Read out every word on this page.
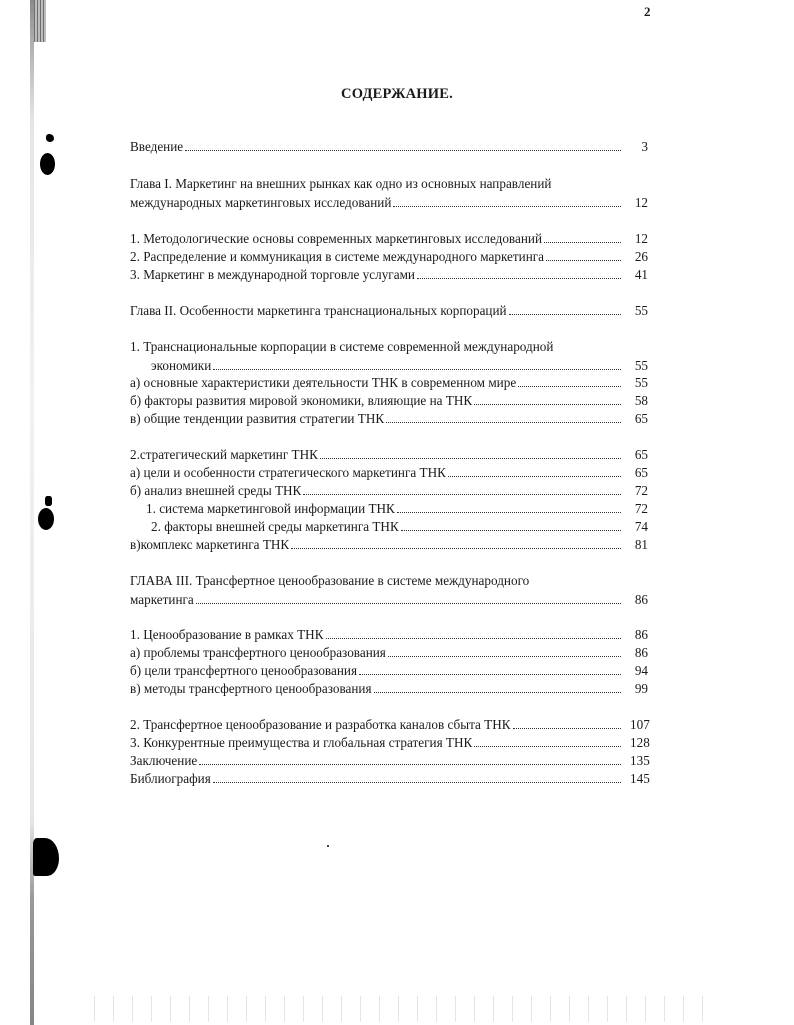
2
СОДЕРЖАНИЕ.
Введение	3
Глава I. Маркетинг на внешних рынках как одно из основных направлений
международных маркетинговых исследований	12
1. Методологические основы современных маркетинговых исследований	12
2. Распределение и коммуникация в системе международного маркетинга	26
3. Маркетинг в международной торговле услугами	41
Глава II. Особенности маркетинга транснациональных корпораций	55
1. Транснациональные корпорации в системе современной международной
экономики	55
а) основные характеристики деятельности ТНК в современном мире	55
б) факторы развития мировой экономики, влияющие на ТНК	58
в) общие тенденции развития стратегии ТНК	65
2.стратегический маркетинг ТНК	65
а) цели и особенности стратегического маркетинга ТНК	65
б) анализ внешней среды ТНК	72
1. система маркетинговой информации ТНК	72
2. факторы внешней среды маркетинга ТНК	74
в)комплекс маркетинга ТНК	81
ГЛАВА III. Трансфертное ценообразование в системе международного
маркетинга	86
1. Ценообразование в рамках ТНК	86
а) проблемы трансфертного ценообразования	86
б) цели трансфертного ценообразования	94
в) методы трансфертного ценообразования	99
2. Трансфертное ценообразование и разработка каналов сбыта ТНК	107
3. Конкурентные преимущества и глобальная стратегия ТНК	128
Заключение	135
Библиография	145
